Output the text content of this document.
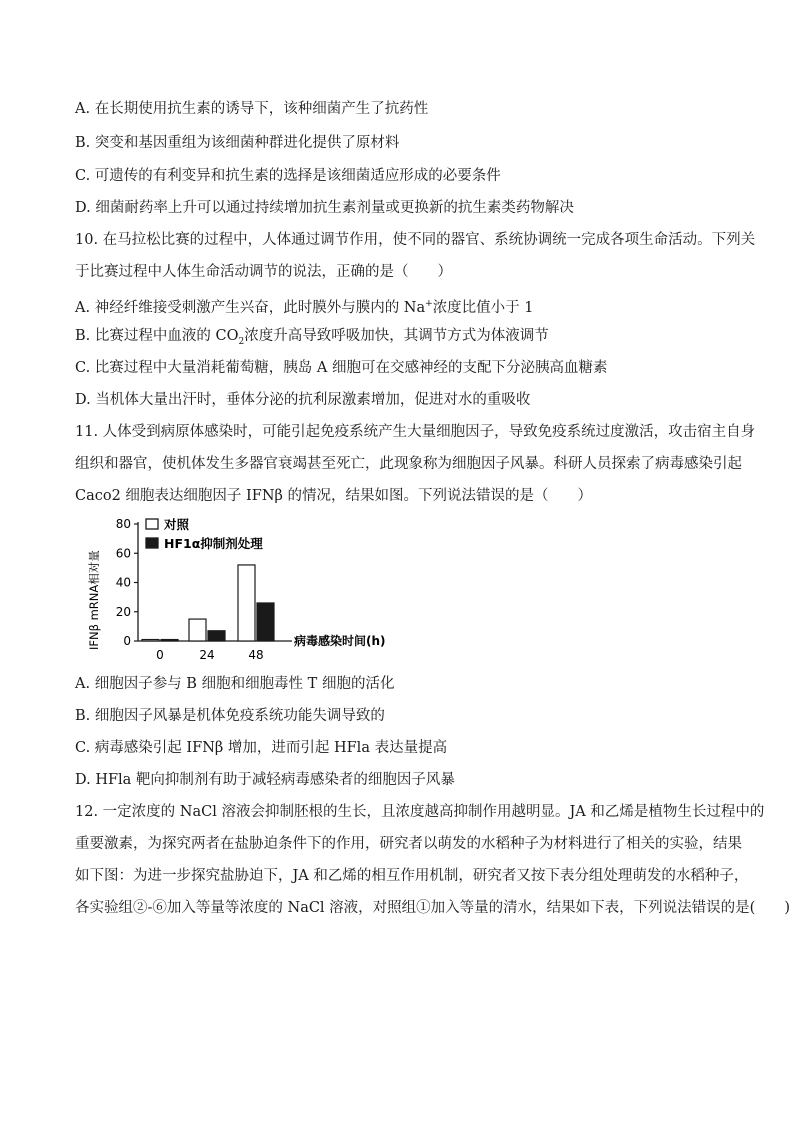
A. 在长期使用抗生素的诱导下，该种细菌产生了抗药性
B. 突变和基因重组为该细菌种群进化提供了原材料
C. 可遗传的有利变异和抗生素的选择是该细菌适应形成的必要条件
D. 细菌耐药率上升可以通过持续增加抗生素剂量或更换新的抗生素类药物解决
10. 在马拉松比赛的过程中，人体通过调节作用，使不同的器官、系统协调统一完成各项生命活动。下列关
于比赛过程中人体生命活动调节的说法，正确的是（　　）
A. 神经纤维接受刺激产生兴奋，此时膜外与膜内的 Na+浓度比值小于 1
B. 比赛过程中血液的 $CO_2$浓度升高导致呼吸加快，其调节方式为体液调节
C. 比赛过程中大量消耗葡萄糖，胰岛 A 细胞可在交感神经的支配下分泌胰高血糖素
D. 当机体大量出汗时，垂体分泌的抗利尿激素增加，促进对水的重吸收
11. 人体受到病原体感染时，可能引起免疫系统产生大量细胞因子，导致免疫系统过度激活，攻击宿主自身
组织和器官，使机体发生多器官衰竭甚至死亡，此现象称为细胞因子风暴。科研人员探索了病毒感染引起
Caco2 细胞表达细胞因子 IFNβ 的情况，结果如图。下列说法错误的是（　　）
IFNβ mRNA相对量 0
20
40
60
80
0	24	48
病毒感染时间(h)
对照
HF1α抑制剂处理
A. 细胞因子参与 B 细胞和细胞毒性 T 细胞的活化
B. 细胞因子风暴是机体免疫系统功能失调导致的
C. 病毒感染引起 IFNβ 增加，进而引起 HFla 表达量提高
D. HFla 靶向抑制剂有助于减轻病毒感染者的细胞因子风暴
12. 一定浓度的 NaCl 溶液会抑制胚根的生长，且浓度越高抑制作用越明显。JA 和乙烯是植物生长过程中的
重要激素，为探究两者在盐胁迫条件下的作用，研究者以萌发的水稻种子为材料进行了相关的实验，结果
如下图：为进一步探究盐胁迫下，JA 和乙烯的相互作用机制，研究者又按下表分组处理萌发的水稻种子，
各实验组②-⑥加入等量等浓度的 NaCl 溶液，对照组①加入等量的清水，结果如下表，下列说法错误的是(　　)
